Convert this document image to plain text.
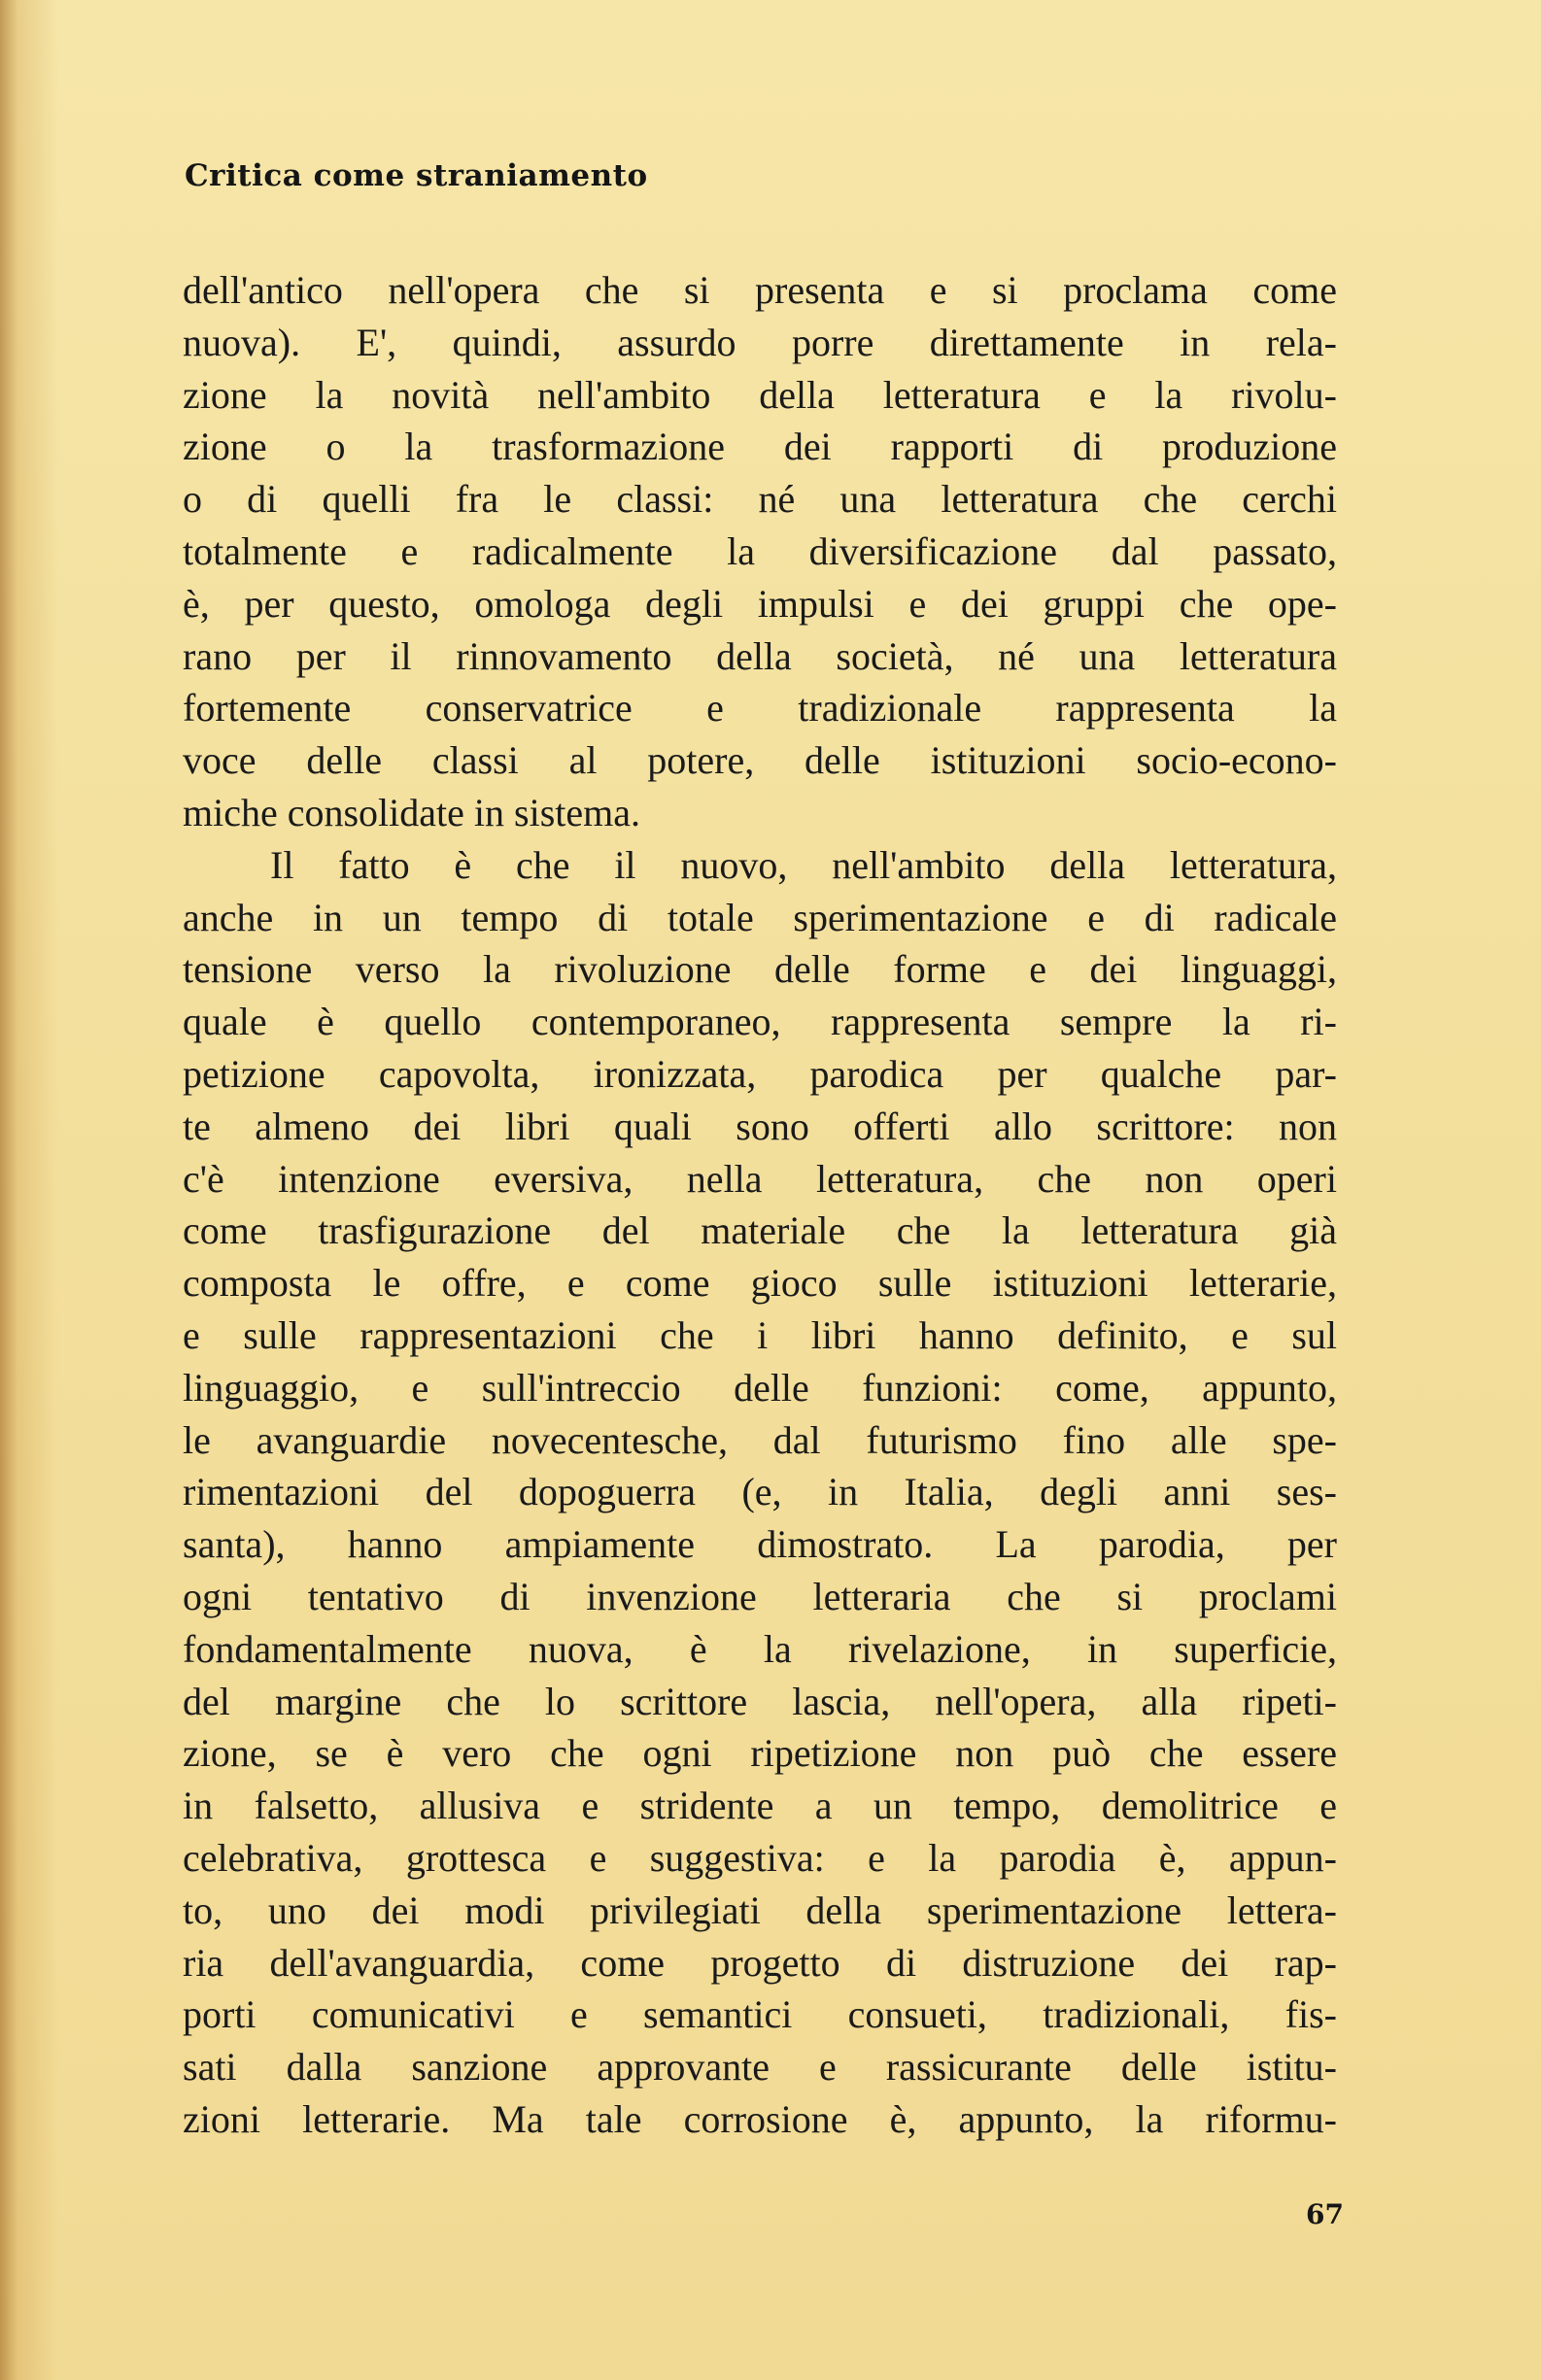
Critica come straniamento
dell'antico nell'opera che si presenta e si proclama come
nuova). E', quindi, assurdo porre direttamente in rela-
zione la novità nell'ambito della letteratura e la rivolu-
zione o la trasformazione dei rapporti di produzione
o di quelli fra le classi: né una letteratura che cerchi
totalmente e radicalmente la diversificazione dal passato,
è, per questo, omologa degli impulsi e dei gruppi che ope-
rano per il rinnovamento della società, né una letteratura
fortemente conservatrice e tradizionale rappresenta la
voce delle classi al potere, delle istituzioni socio-econo-
miche consolidate in sistema.
Il fatto è che il nuovo, nell'ambito della letteratura,
anche in un tempo di totale sperimentazione e di radicale
tensione verso la rivoluzione delle forme e dei linguaggi,
quale è quello contemporaneo, rappresenta sempre la ri-
petizione capovolta, ironizzata, parodica per qualche par-
te almeno dei libri quali sono offerti allo scrittore: non
c'è intenzione eversiva, nella letteratura, che non operi
come trasfigurazione del materiale che la letteratura già
composta le offre, e come gioco sulle istituzioni letterarie,
e sulle rappresentazioni che i libri hanno definito, e sul
linguaggio, e sull'intreccio delle funzioni: come, appunto,
le avanguardie novecentesche, dal futurismo fino alle spe-
rimentazioni del dopoguerra (e, in Italia, degli anni ses-
santa), hanno ampiamente dimostrato. La parodia, per
ogni tentativo di invenzione letteraria che si proclami
fondamentalmente nuova, è la rivelazione, in superficie,
del margine che lo scrittore lascia, nell'opera, alla ripeti-
zione, se è vero che ogni ripetizione non può che essere
in falsetto, allusiva e stridente a un tempo, demolitrice e
celebrativa, grottesca e suggestiva: e la parodia è, appun-
to, uno dei modi privilegiati della sperimentazione lettera-
ria dell'avanguardia, come progetto di distruzione dei rap-
porti comunicativi e semantici consueti, tradizionali, fis-
sati dalla sanzione approvante e rassicurante delle istitu-
zioni letterarie. Ma tale corrosione è, appunto, la riformu-
67
